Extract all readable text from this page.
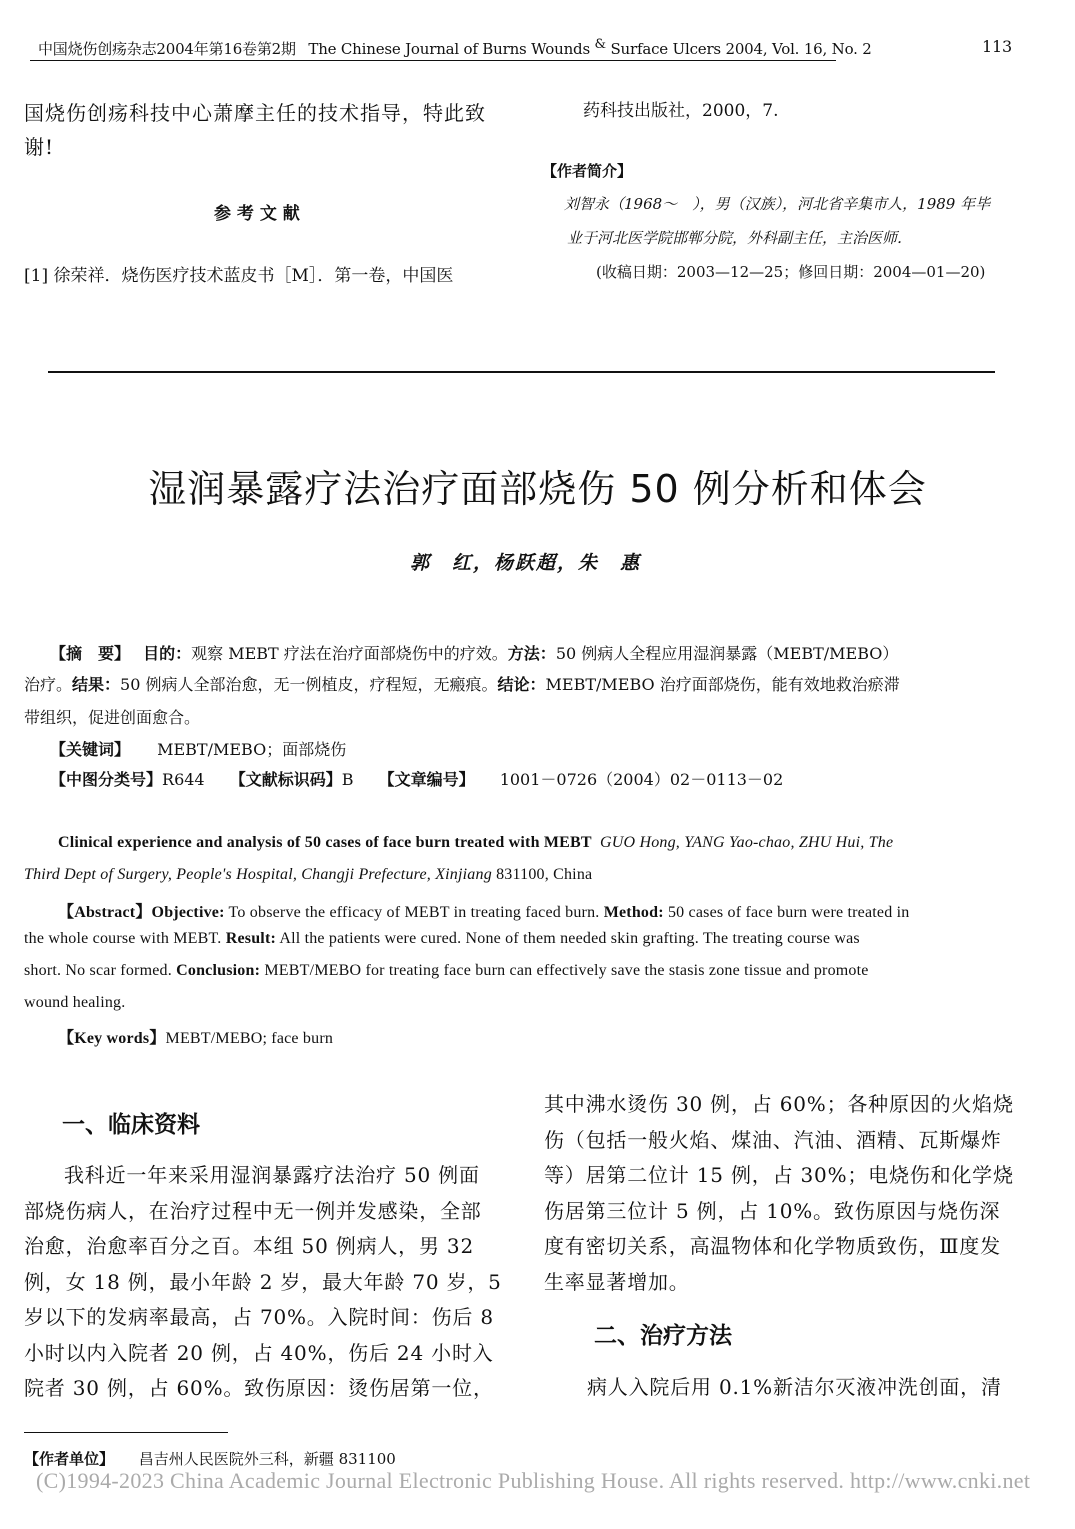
中国烧伤创疡杂志2004年第16卷第2期 The Chinese Journal of Burns Wounds & Surface Ulcers 2004, Vol. 16, No. 2	113
国烧伤创疡科技中心萧摩主任的技术指导，特此致
谢!
参 考 文 献
[1] 徐荣祥．烧伤医疗技术蓝皮书［M］．第一卷，中国医
药科技出版社，2000，7.
【作者简介】
刘智永（1968～　），男（汉族），河北省辛集市人，1989 年毕
业于河北医学院邯郸分院，外科副主任，主治医师．
(收稿日期：2003—12—25；修回日期：2004—01—20)
湿润暴露疗法治疗面部烧伤 50 例分析和体会
郭　红，杨跃超，朱　惠
【摘　要】 目的：观察 MEBT 疗法在治疗面部烧伤中的疗效。方法：50 例病人全程应用湿润暴露（MEBT/MEBO）
治疗。结果：50 例病人全部治愈，无一例植皮，疗程短，无瘢痕。结论：MEBT/MEBO 治疗面部烧伤，能有效地救治瘀滞
带组织，促进创面愈合。
【关键词】 MEBT/MEBO；面部烧伤
【中图分类号】R644 【文献标识码】B 【文章编号】 1001－0726（2004）02－0113－02
Clinical experience and analysis of 50 cases of face burn treated with MEBT GUO Hong, YANG Yao-chao, ZHU Hui, The
Third Dept of Surgery, People's Hospital, Changji Prefecture, Xinjiang 831100, China
【Abstract】Objective: To observe the efficacy of MEBT in treating faced burn. Method: 50 cases of face burn were treated in
the whole course with MEBT. Result: All the patients were cured. None of them needed skin grafting. The treating course was
short. No scar formed. Conclusion: MEBT/MEBO for treating face burn can effectively save the stasis zone tissue and promote
wound healing.
【Key words】MEBT/MEBO; face burn
一、临床资料

我科近一年来采用湿润暴露疗法治疗 50 例面

部烧伤病人，在治疗过程中无一例并发感染，全部

治愈，治愈率百分之百。本组 50 例病人，男 32

例，女 18 例，最小年龄 2 岁，最大年龄 70 岁，5

岁以下的发病率最高，占 70%。入院时间：伤后 8

小时以内入院者 20 例，占 40%，伤后 24 小时入

院者 30 例，占 60%。致伤原因：烫伤居第一位，

其中沸水烫伤 30 例，占 60%；各种原因的火焰烧

伤（包括一般火焰、煤油、汽油、酒精、瓦斯爆炸

等）居第二位计 15 例，占 30%；电烧伤和化学烧

伤居第三位计 5 例，占 10%。致伤原因与烧伤深

度有密切关系，高温物体和化学物质致伤，Ⅲ度发

生率显著增加。

二、治疗方法
病人入院后用 0.1%新洁尔灭液冲洗创面，清
【作者单位】 昌吉州人民医院外三科，新疆 831100
(C)1994-2023 China Academic Journal Electronic Publishing House. All rights reserved. http://www.cnki.net
